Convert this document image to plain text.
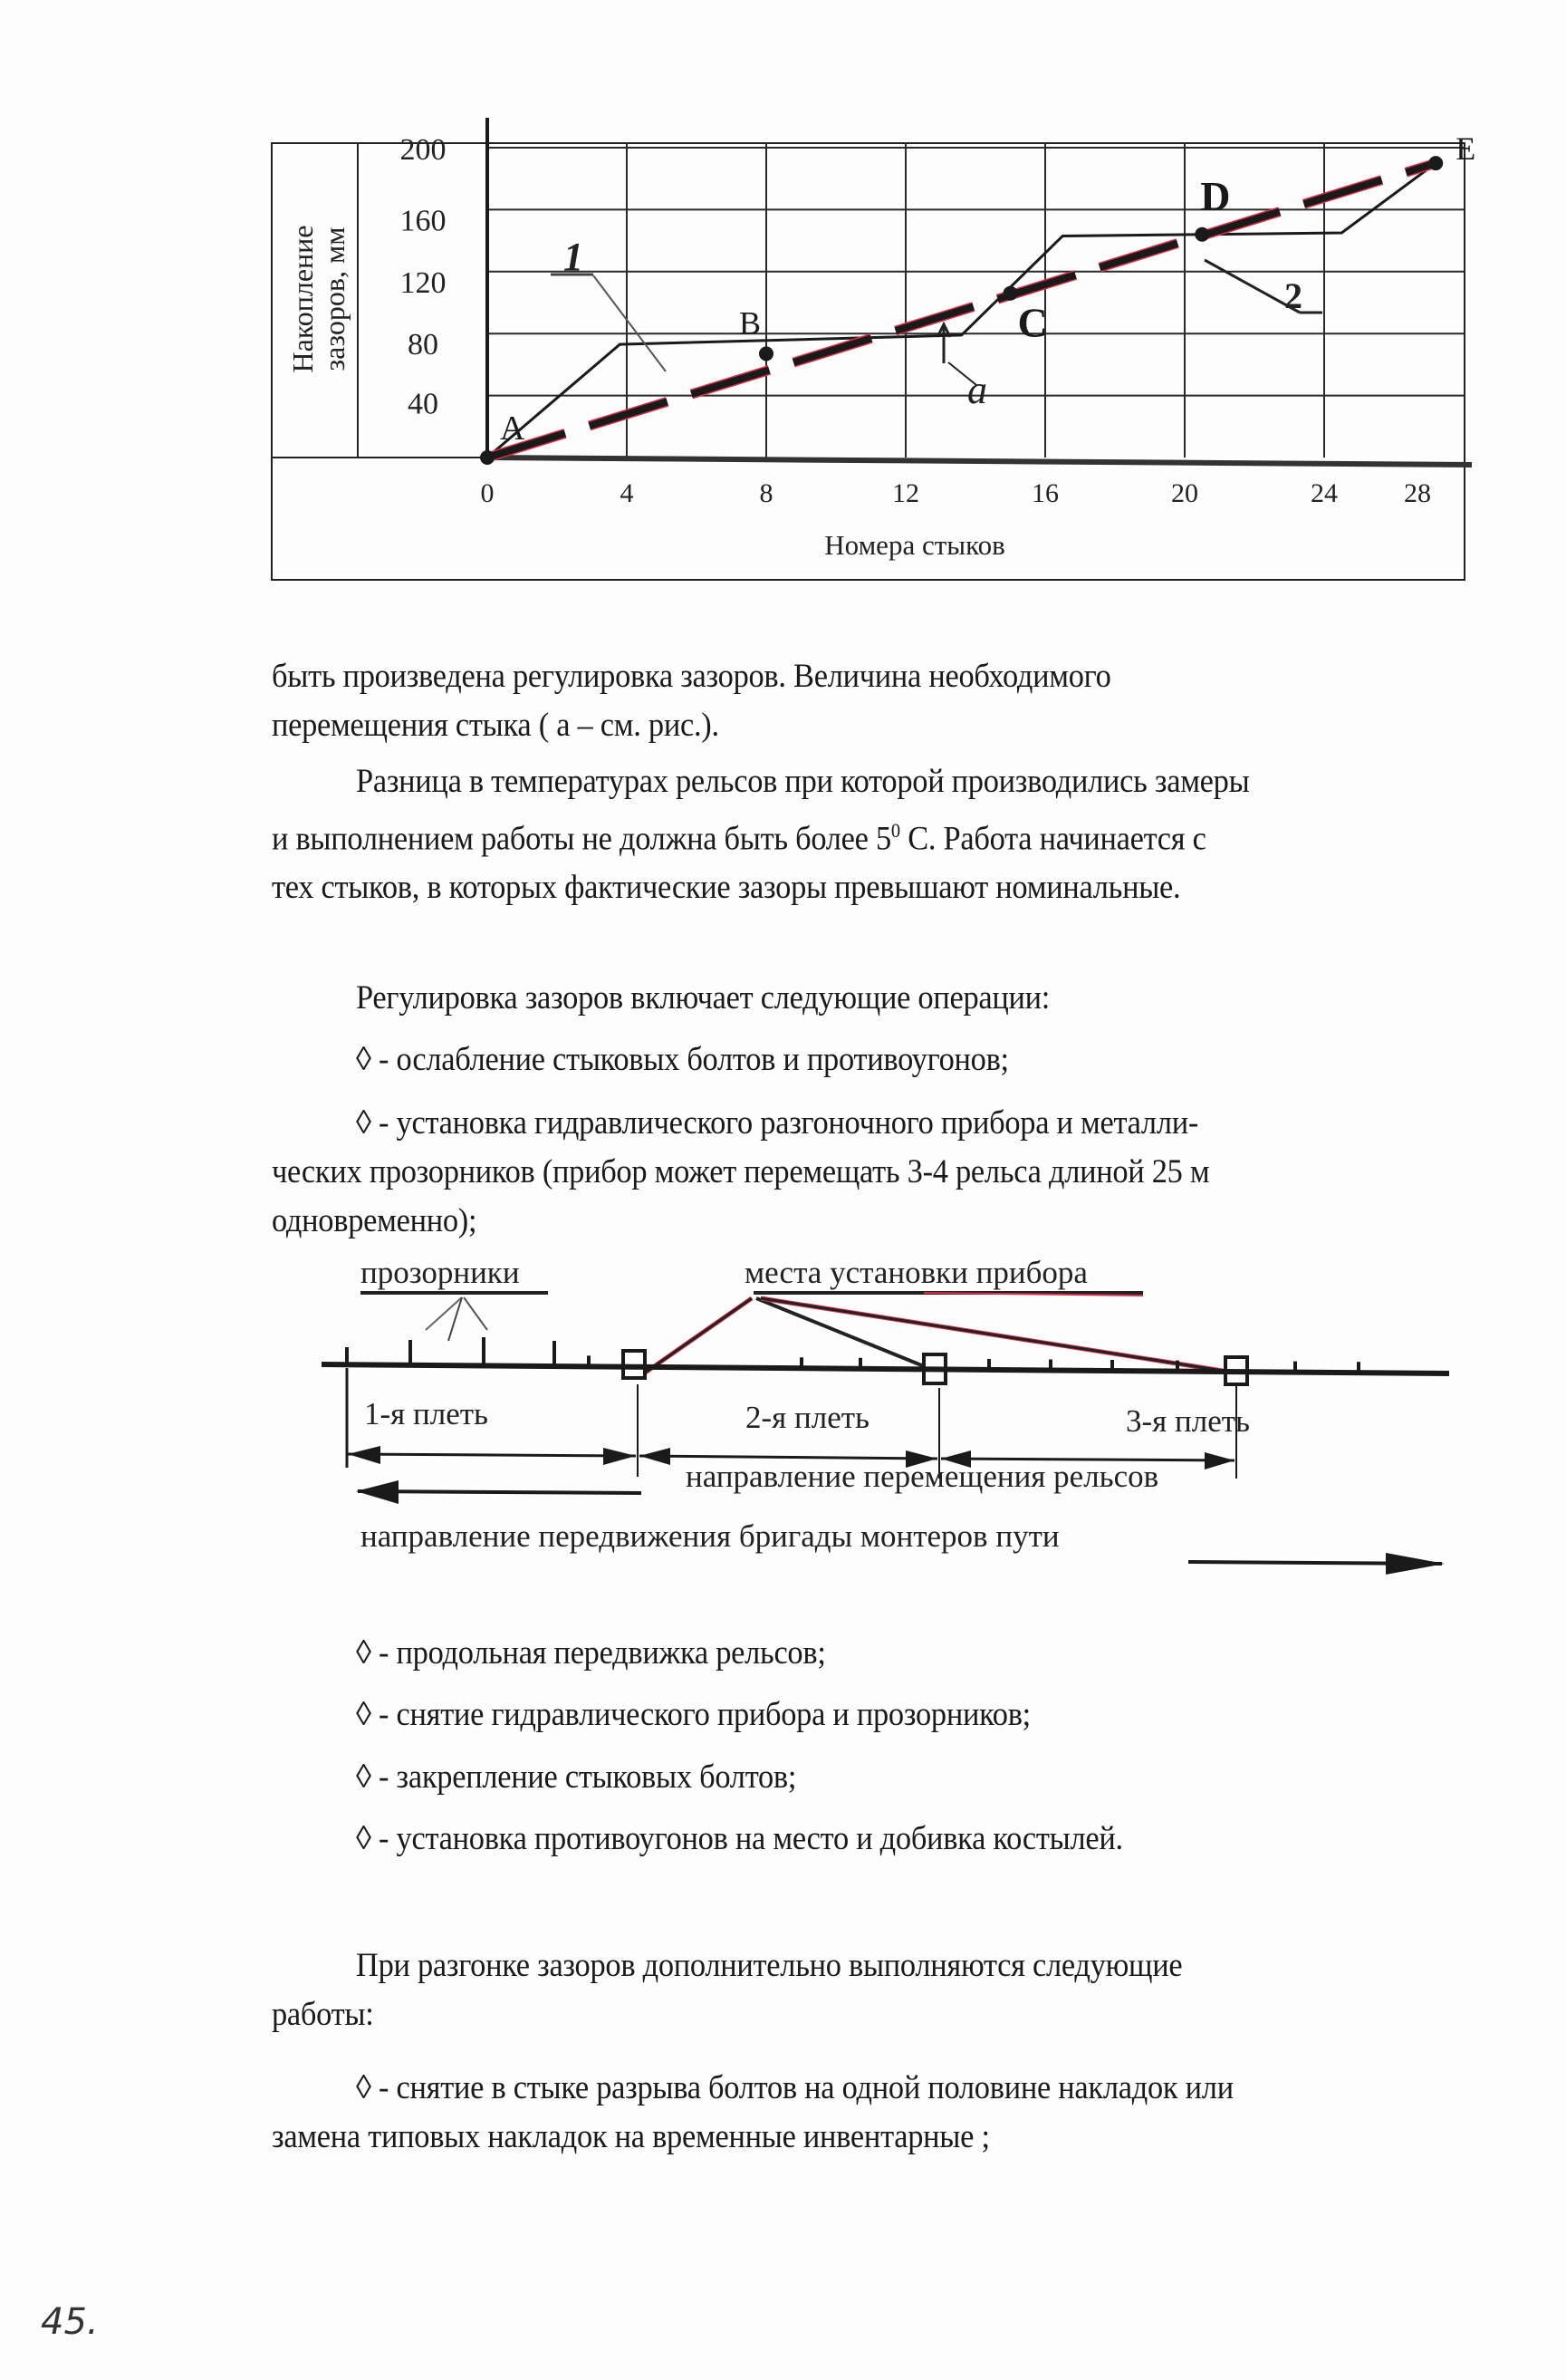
Накопление зазоров, мм
40
80
120
160
200
0	4	8	12	16	20	24 28
Номера стыков
A
B	C
D
E
1
2
a
быть произведена регулировка зазоров. Величина необходимого
перемещения стыка ( а – см. рис.).
Разница в температурах рельсов при которой производились замеры
и выполнением работы не должна быть более $5^0$ С. Работа начинается с
тех стыков, в которых фактические зазоры превышают номинальные.
Регулировка зазоров включает следующие операции:
◊ - ослабление стыковых болтов и противоугонов;
◊ - установка гидравлического разгоночного прибора и металли-
ческих прозорников (прибор может перемещать 3-4 рельса длиной 25 м
одновременно);
прозорники	места установки прибора
1-я плеть	2-я плеть	3-я плеть
направление перемещения рельсов
направление передвижения бригады монтеров пути
◊ - продольная передвижка рельсов;
◊ - снятие гидравлического прибора и прозорников;
◊ - закрепление стыковых болтов;
◊ - установка противоугонов на место и добивка костылей.
При разгонке зазоров дополнительно выполняются следующие
работы:
◊ - снятие в стыке разрыва болтов на одной половине накладок или
замена типовых накладок на временные инвентарные ;
45.
